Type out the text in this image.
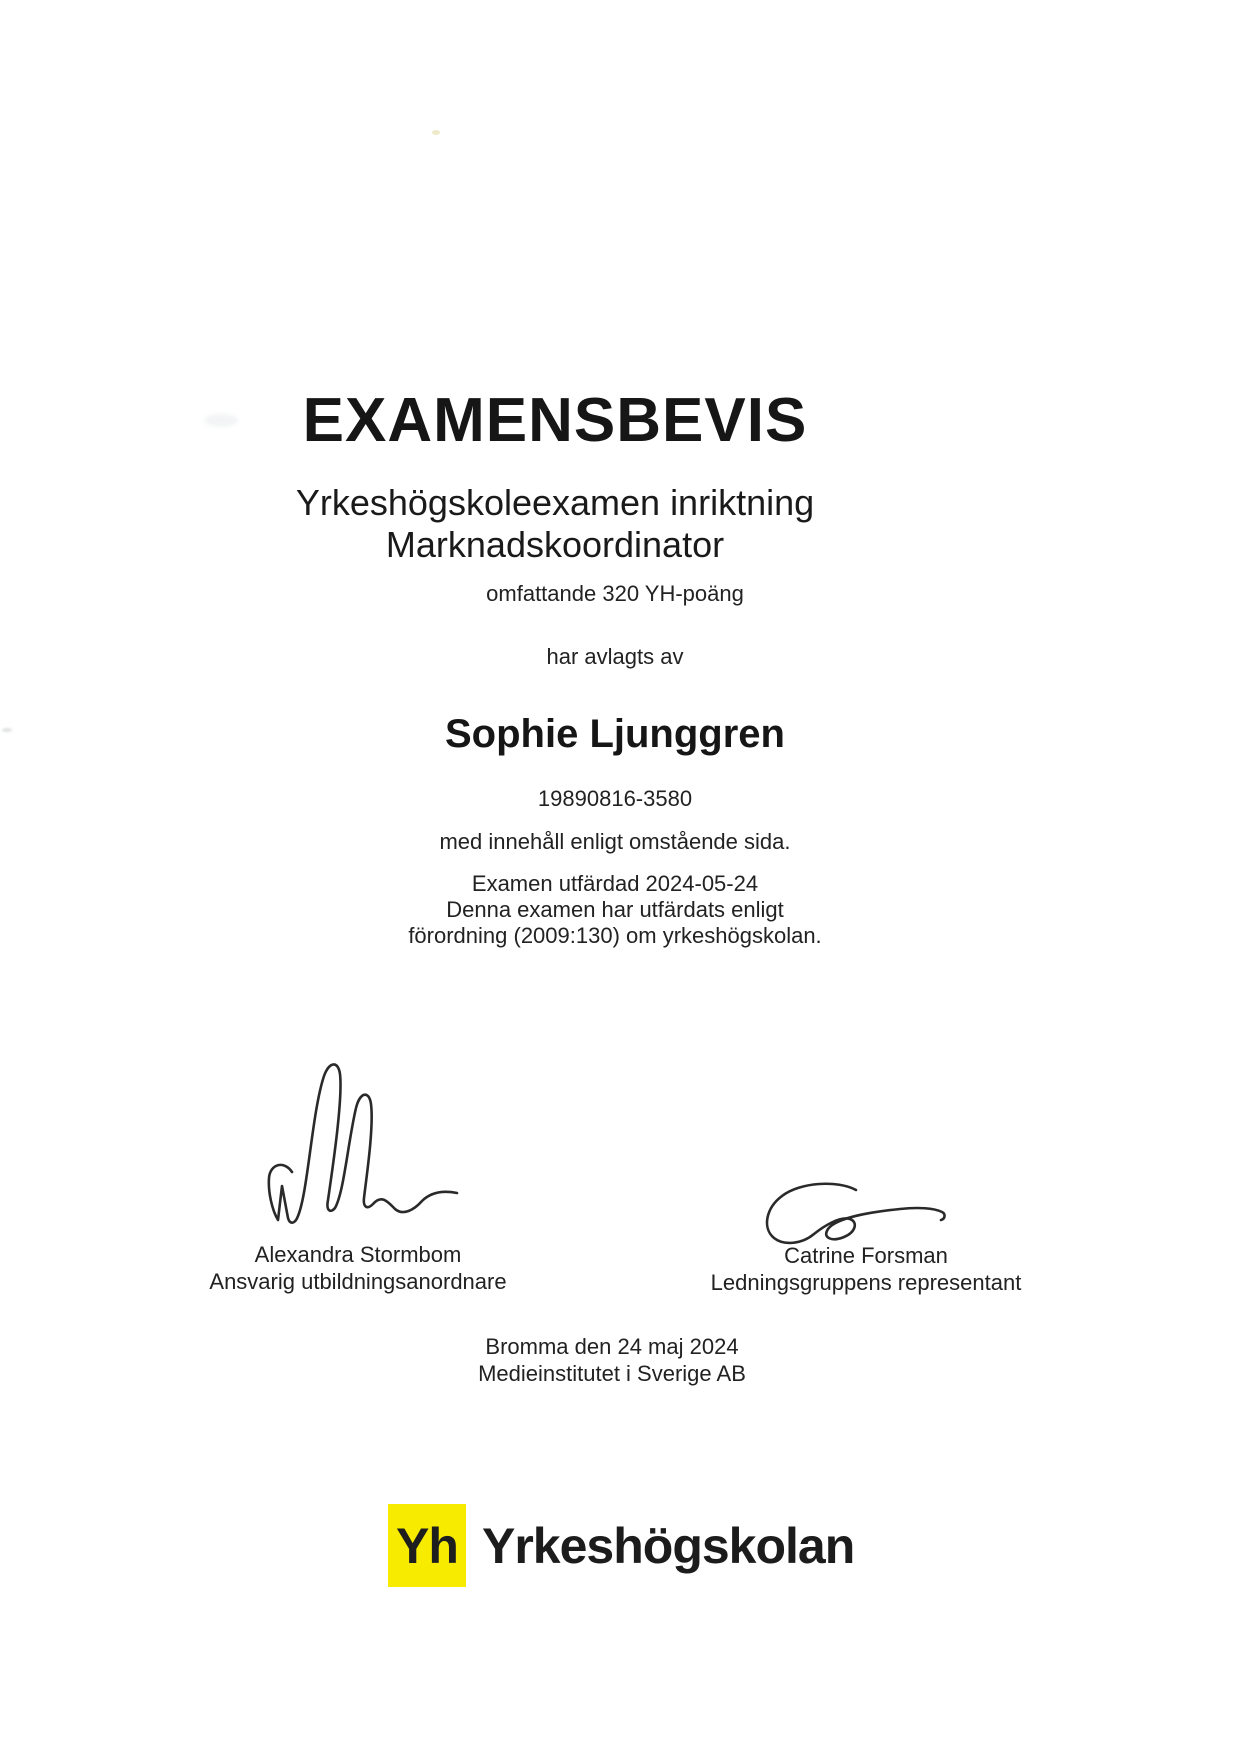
EXAMENSBEVIS
Yrkeshögskoleexamen inriktning
Marknadskoordinator
omfattande 320 YH-poäng
har avlagts av
Sophie Ljunggren
19890816-3580
med innehåll enligt omstående sida.
Examen utfärdad 2024-05-24
Denna examen har utfärdats enligt
förordning (2009:130) om yrkeshögskolan.
Alexandra Stormbom
Ansvarig utbildningsanordnare
Catrine Forsman
Ledningsgruppens representant
Bromma den 24 maj 2024
Medieinstitutet i Sverige AB
Yh Yrkeshögskolan
